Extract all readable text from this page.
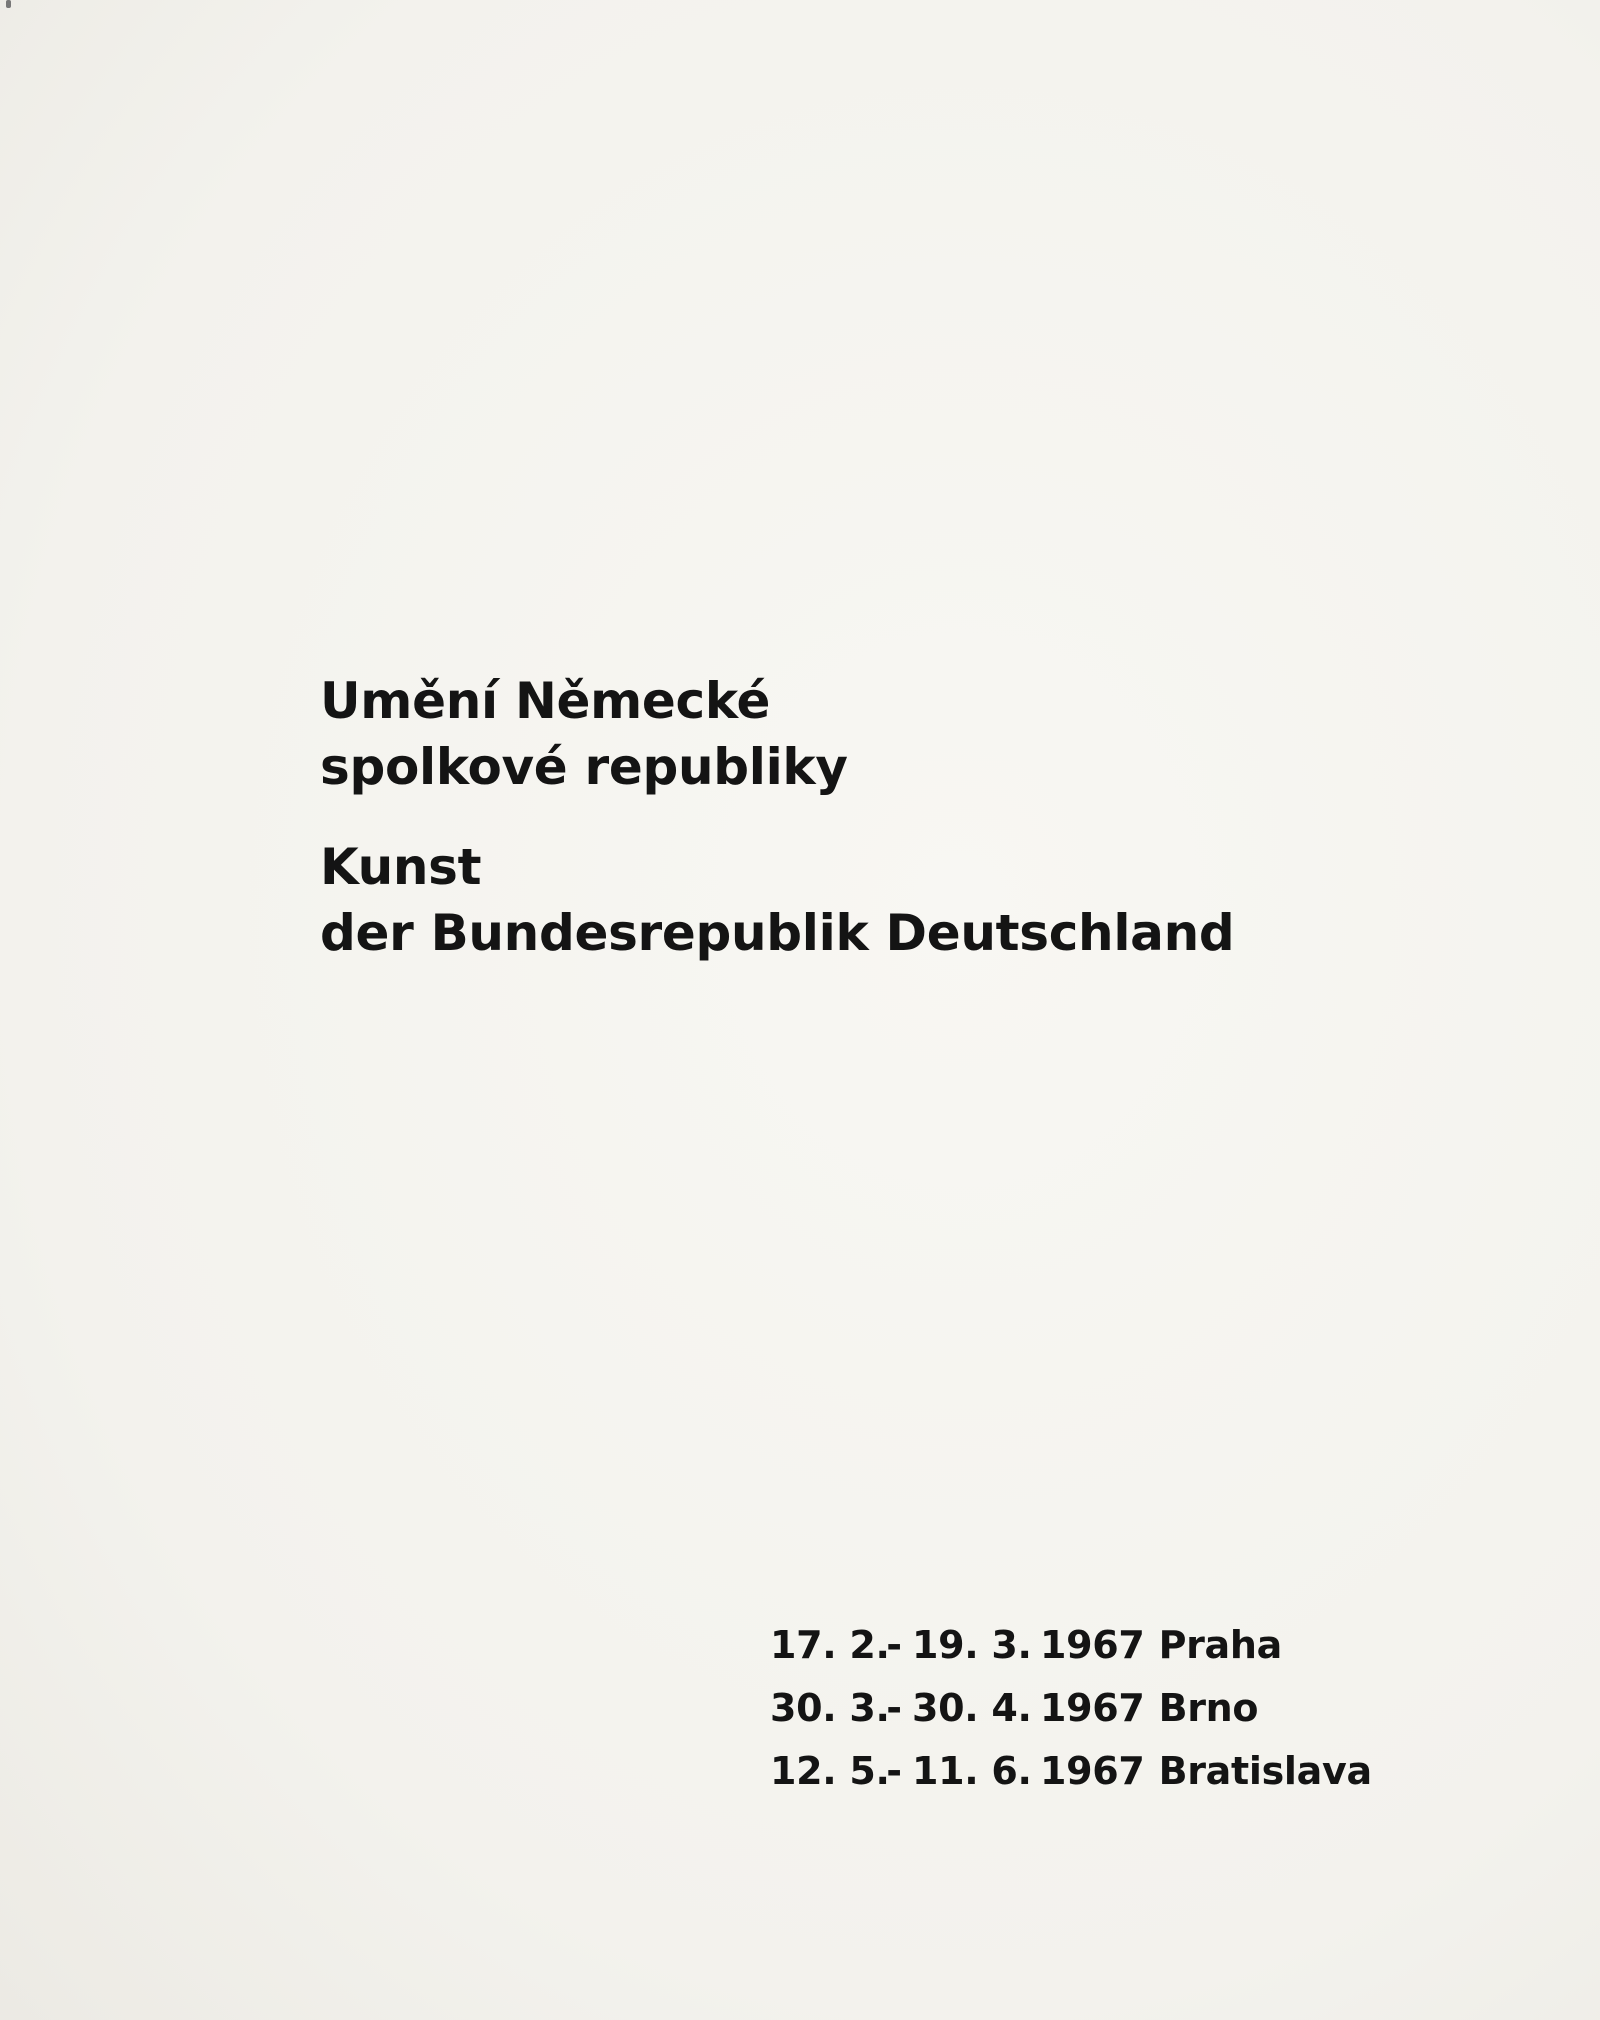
Umění Německé
spolkové republiky
Kunst
der Bundesrepublik Deutschland
17. 2.
- 19. 3. 1967 Praha
30. 3.
- 30. 4. 1967 Brno
12. 5.
- 11. 6. 1967 Bratislava
